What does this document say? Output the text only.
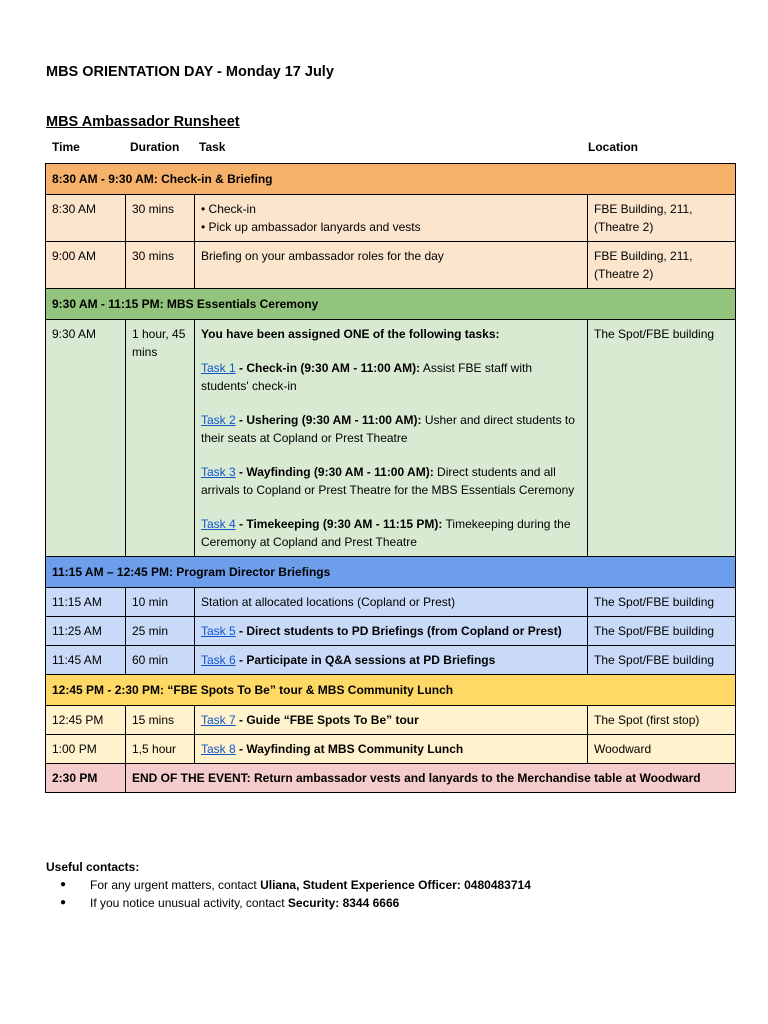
MBS ORIENTATION DAY - Monday 17 July
MBS Ambassador Runsheet
Time	Duration Task	Location
8:30 AM - 9:30 AM: Check-in & Briefing			
8:30 AM	30 mins	• Check-in
• Pick up ambassador lanyards and vests	FBE Building, 211, (Theatre 2)
9:00 AM	30 mins	Briefing on your ambassador roles for the day	FBE Building, 211, (Theatre 2)
9:30 AM - 11:15 PM: MBS Essentials Ceremony			
9:30 AM	1 hour, 45 mins	You have been assigned ONE of the following tasks:
Task 1 - Check-in (9:30 AM - 11:00 AM): Assist FBE staff with students' check-in
Task 2 - Ushering (9:30 AM - 11:00 AM): Usher and direct students to their seats at Copland or Prest Theatre
Task 3 - Wayfinding (9:30 AM - 11:00 AM): Direct students and all arrivals to Copland or Prest Theatre for the MBS Essentials Ceremony
Task 4 - Timekeeping (9:30 AM - 11:15 PM): Timekeeping during the Ceremony at Copland and Prest Theatre	The Spot/FBE building
11:15 AM – 12:45 PM: Program Director Briefings			
11:15 AM	10 min	Station at allocated locations (Copland or Prest)	The Spot/FBE building
11:25 AM	25 min	Task 5 - Direct students to PD Briefings (from Copland or Prest)	The Spot/FBE building
11:45 AM	60 min	Task 6 - Participate in Q&A sessions at PD Briefings	The Spot/FBE building
12:45 PM - 2:30 PM: “FBE Spots To Be” tour & MBS Community Lunch			
12:45 PM	15 mins	Task 7 - Guide “FBE Spots To Be” tour	The Spot (first stop)
1:00 PM	1,5 hour	Task 8 - Wayfinding at MBS Community Lunch	Woodward
2:30 PM	END OF THE EVENT: Return ambassador vests and lanyards to the Merchandise table at Woodward		
Useful contacts:
● For any urgent matters, contact Uliana, Student Experience Officer: 0480483714
● If you notice unusual activity, contact Security: 8344 6666
